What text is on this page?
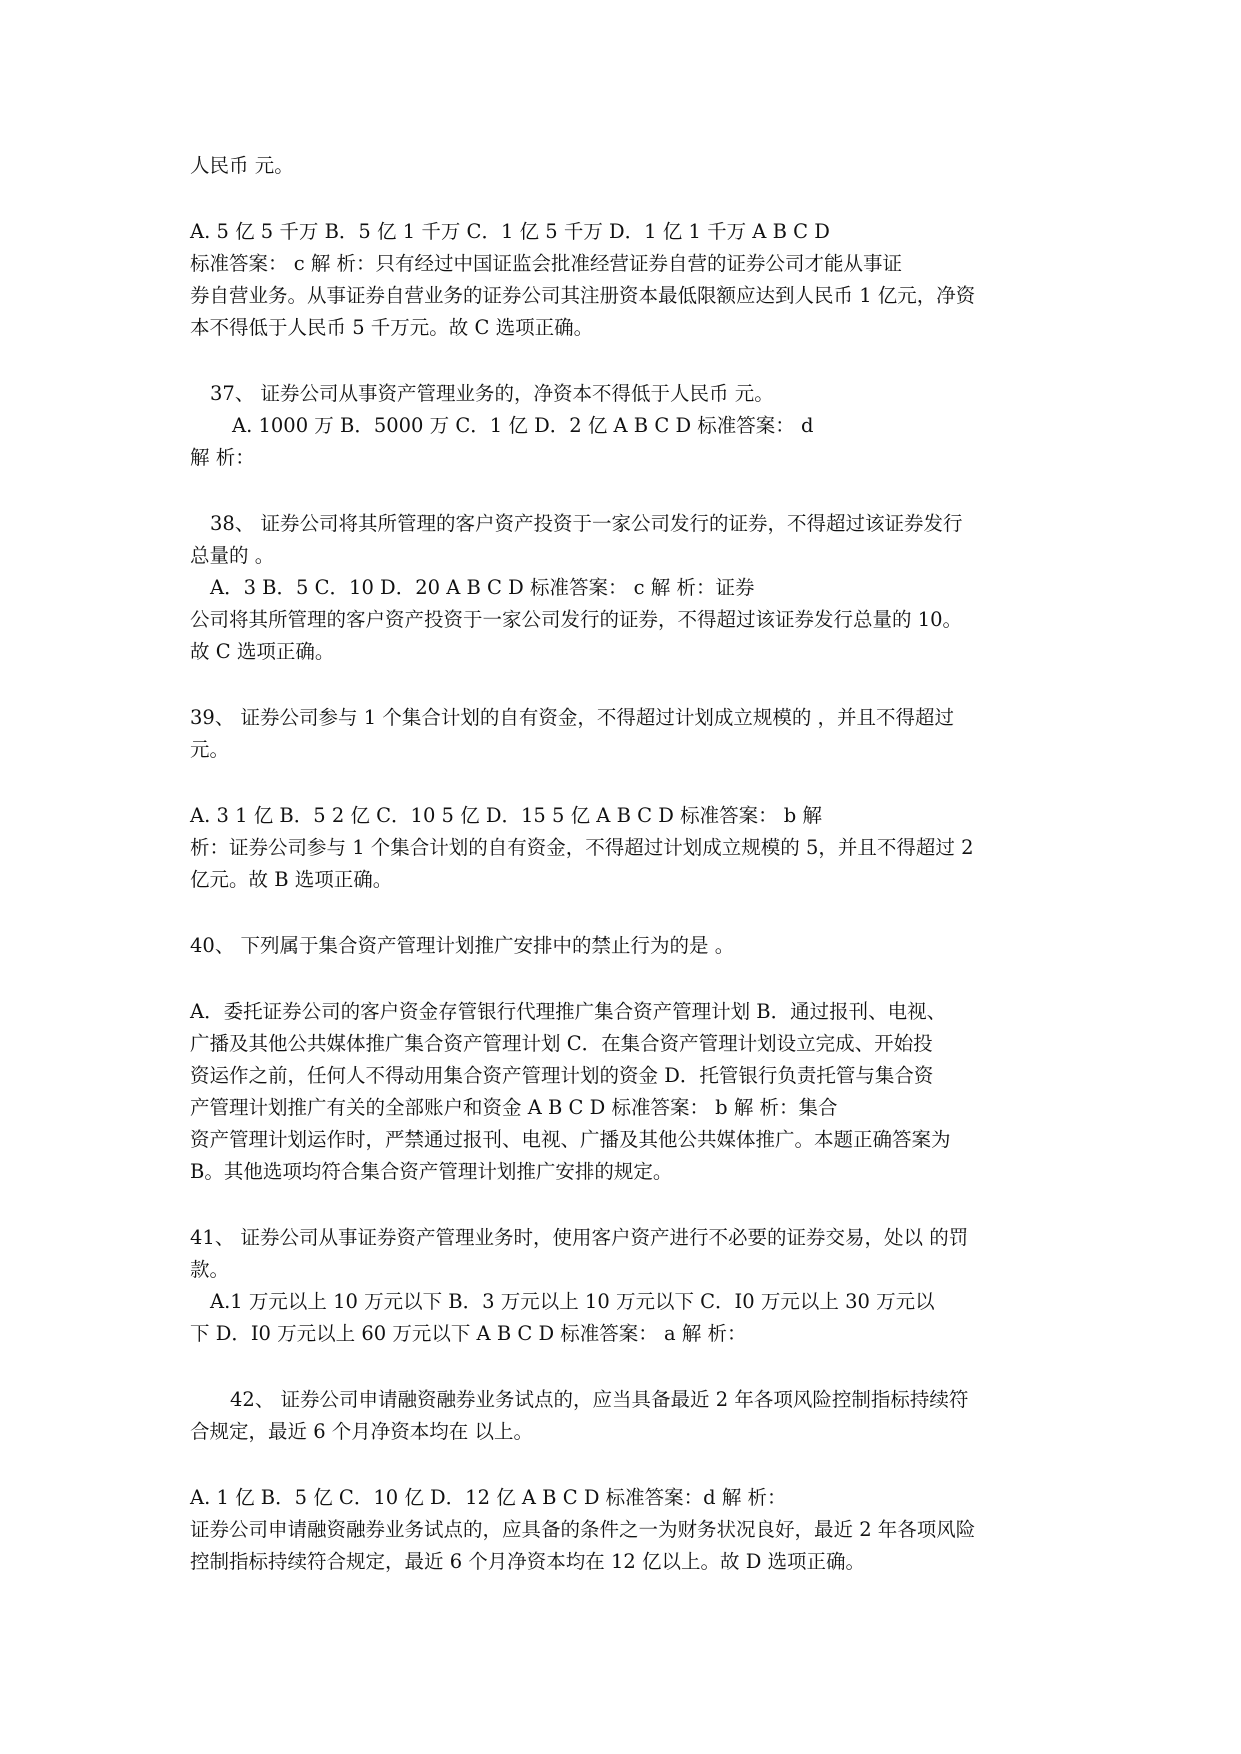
人民币 元。
A. 5 亿 5 千万 B．5 亿 1 千万 C．1 亿 5 千万 D．1 亿 1 千万 A B C D
标准答案： c 解 析：只有经过中国证监会批准经营证券自营的证券公司才能从事证
券自营业务。从事证券自营业务的证券公司其注册资本最低限额应达到人民币 1 亿元，净资
本不得低于人民币 5 千万元。故 C 选项正确。
37、 证券公司从事资产管理业务的，净资本不得低于人民币 元。
A. 1000 万 B．5000 万 C．1 亿 D．2 亿 A B C D 标准答案： d
解 析：
38、 证券公司将其所管理的客户资产投资于一家公司发行的证券，不得超过该证券发行
总量的 。
A．3 B．5 C．10 D．20 A B C D 标准答案： c 解 析：证券
公司将其所管理的客户资产投资于一家公司发行的证券，不得超过该证券发行总量的 10。
故 C 选项正确。
39、 证券公司参与 1 个集合计划的自有资金，不得超过计划成立规模的 ，并且不得超过
元。
A. 3 1 亿 B．5 2 亿 C．10 5 亿 D．15 5 亿 A B C D 标准答案： b 解
析：证券公司参与 1 个集合计划的自有资金，不得超过计划成立规模的 5，并且不得超过 2
亿元。故 B 选项正确。
40、 下列属于集合资产管理计划推广安排中的禁止行为的是 。
A．委托证券公司的客户资金存管银行代理推广集合资产管理计划 B．通过报刊、电视、
广播及其他公共媒体推广集合资产管理计划 C．在集合资产管理计划设立完成、开始投
资运作之前，任何人不得动用集合资产管理计划的资金 D．托管银行负责托管与集合资
产管理计划推广有关的全部账户和资金 A B C D 标准答案： b 解 析：集合
资产管理计划运作时，严禁通过报刊、电视、广播及其他公共媒体推广。本题正确答案为
B。其他选项均符合集合资产管理计划推广安排的规定。
41、 证券公司从事证券资产管理业务时，使用客户资产进行不必要的证券交易，处以 的罚
款。
A.1 万元以上 10 万元以下 B．3 万元以上 10 万元以下 C．I0 万元以上 30 万元以
下 D．I0 万元以上 60 万元以下 A B C D 标准答案： a 解 析：
42、 证券公司申请融资融券业务试点的，应当具备最近 2 年各项风险控制指标持续符
合规定，最近 6 个月净资本均在 以上。
A. 1 亿 B．5 亿 C．10 亿 D．12 亿 A B C D 标准答案：d 解 析：
证券公司申请融资融券业务试点的，应具备的条件之一为财务状况良好，最近 2 年各项风险
控制指标持续符合规定，最近 6 个月净资本均在 12 亿以上。故 D 选项正确。
